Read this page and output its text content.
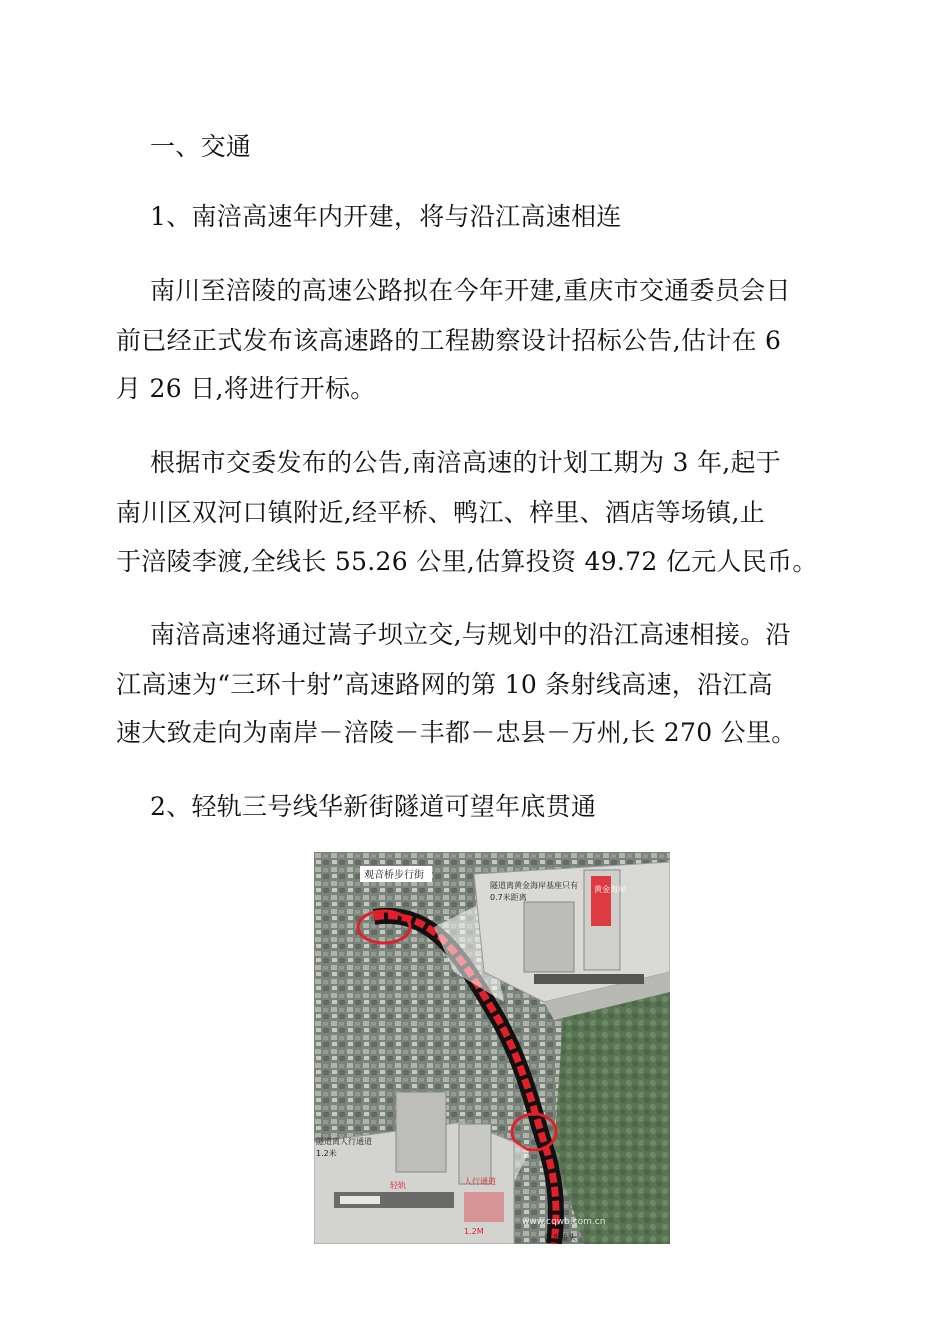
一、交通
1、南涪高速年内开建，将与沿江高速相连
南川至涪陵的高速公路拟在今年开建,重庆市交通委员会日
前已经正式发布该高速路的工程勘察设计招标公告,估计在 6
月 26 日,将进行开标。
根据市交委发布的公告,南涪高速的计划工期为 3 年,起于
南川区双河口镇附近,经平桥、鸭江、梓里、酒店等场镇,止
于涪陵李渡,全线长 55.26 公里,估算投资 49.72 亿元人民币。
南涪高速将通过嵩子坝立交,与规划中的沿江高速相接。沿
江高速为“三环十射”高速路网的第 10 条射线高速，沿江高
速大致走向为南岸－涪陵－丰都－忠县－万州,长 270 公里。
2、轻轨三号线华新街隧道可望年底贯通
观音桥步行街
隧道离黄金海岸基座只有
0.7米距离
黄金海岸
隧道离人行通道
1.2米
人行通道
轻轨
1.2M
江北桥头
www.cqwb.com.cn
